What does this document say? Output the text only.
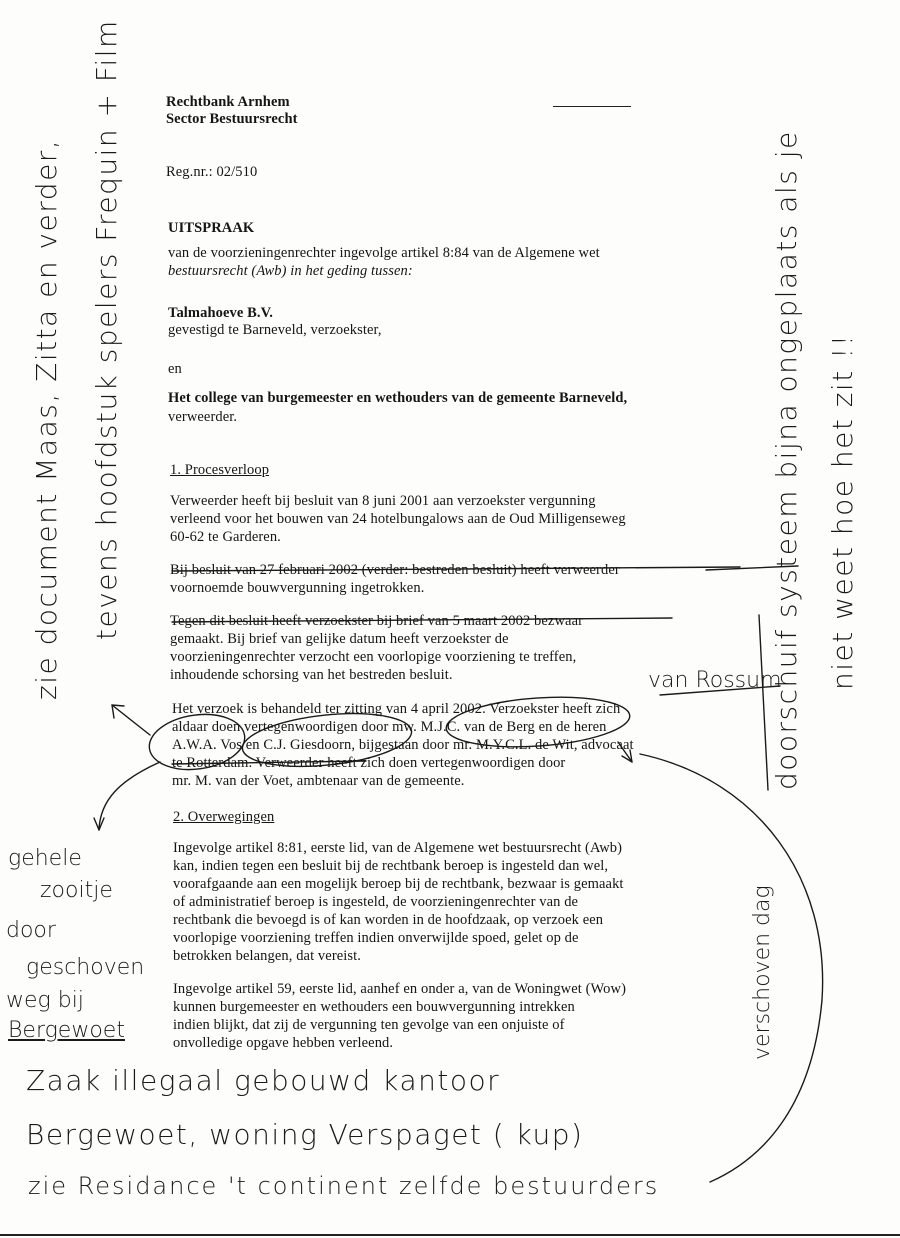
Rechtbank Arnhem
Sector Bestuursrecht
Reg.nr.: 02/510
UITSPRAAK
van de voorzieningenrechter ingevolge artikel 8:84 van de Algemene wet
bestuursrecht (Awb) in het geding tussen:
Talmahoeve B.V.
gevestigd te Barneveld, verzoekster,
en
Het college van burgemeester en wethouders van de gemeente Barneveld,
verweerder.
1. Procesverloop
Verweerder heeft bij besluit van 8 juni 2001 aan verzoekster vergunning
verleend voor het bouwen van 24 hotelbungalows aan de Oud Milligenseweg
60-62 te Garderen.
Bij besluit van 27 februari 2002 (verder: bestreden besluit) heeft verweerder
voornoemde bouwvergunning ingetrokken.
Tegen dit besluit heeft verzoekster bij brief van 5 maart 2002 bezwaar
gemaakt. Bij brief van gelijke datum heeft verzoekster de
voorzieningenrechter verzocht een voorlopige voorziening te treffen,
inhoudende schorsing van het bestreden besluit.
Het verzoek is behandeld ter zitting van 4 april 2002. Verzoekster heeft zich
aldaar doen vertegenwoordigen door mw. M.J.C. van de Berg en de heren
A.W.A. Vos en C.J. Giesdoorn, bijgestaan door mr. M.Y.C.L. de Wit, advocaat
te Rotterdam. Verweerder heeft zich doen vertegenwoordigen door
mr. M. van der Voet, ambtenaar van de gemeente.
2. Overwegingen
Ingevolge artikel 8:81, eerste lid, van de Algemene wet bestuursrecht (Awb)
kan, indien tegen een besluit bij de rechtbank beroep is ingesteld dan wel,
voorafgaande aan een mogelijk beroep bij de rechtbank, bezwaar is gemaakt
of administratief beroep is ingesteld, de voorzieningenrechter van de
rechtbank die bevoegd is of kan worden in de hoofdzaak, op verzoek een
voorlopige voorziening treffen indien onverwijlde spoed, gelet op de
betrokken belangen, dat vereist.
Ingevolge artikel 59, eerste lid, aanhef en onder a, van de Woningwet (Wow)
kunnen burgemeester en wethouders een bouwvergunning intrekken
indien blijkt, dat zij de vergunning ten gevolge van een onjuiste of
onvolledige opgave hebben verleend.
zie document Maas, Zitta en verder, tevens hoofdstuk spelers Frequin + Film	doorschuif systeem bijna ongeplaats als je niet weet hoe het zit !!
van Rossum
gehele
zooitje
door
geschoven
weg bij
Bergewoet	verschoven dag
Zaak illegaal gebouwd kantoor
Bergewoet, woning Verspaget ( kup)
zie Residance 't continent zelfde bestuurders
